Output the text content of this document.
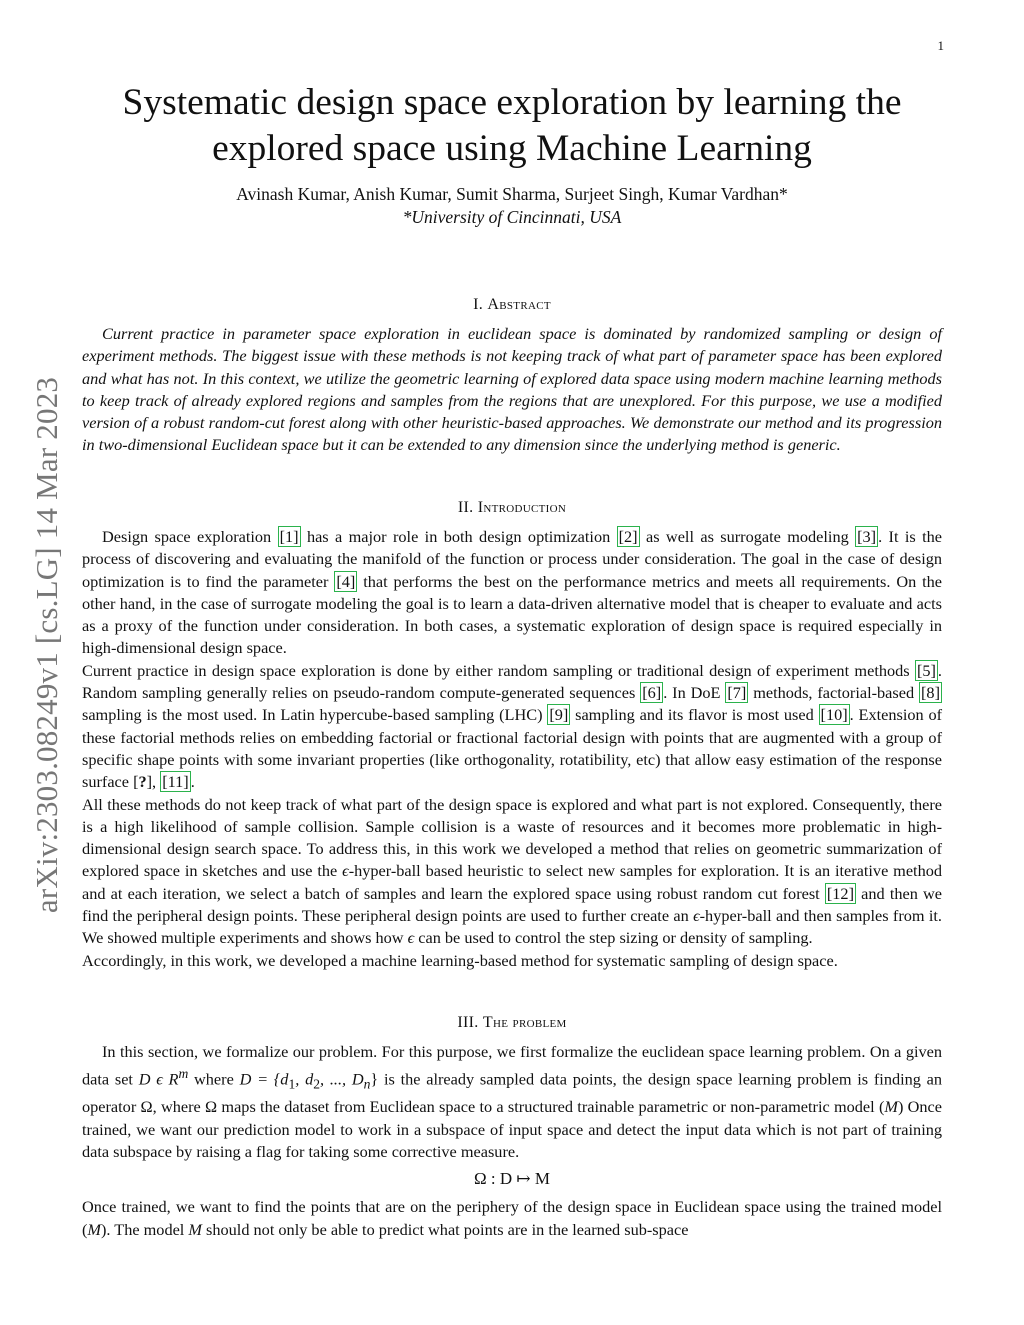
1
arXiv:2303.08249v1 [cs.LG] 14 Mar 2023
Systematic design space exploration by learning the
explored space using Machine Learning
Avinash Kumar, Anish Kumar, Sumit Sharma, Surjeet Singh, Kumar Vardhan*
*University of Cincinnati, USA
I. Abstract

Current practice in parameter space exploration in euclidean space is dominated by randomized sampling or design of experiment methods. The biggest issue with these methods is not keeping track of what part of parameter space has been explored and what has not. In this context, we utilize the geometric learning of explored data space using modern machine learning methods to keep track of already explored regions and samples from the regions that are unexplored. For this purpose, we use a modified version of a robust random-cut forest along with other heuristic-based approaches. We demonstrate our method and its progression in two-dimensional Euclidean space but it can be extended to any dimension since the underlying method is generic.

II. Introduction

Design space exploration [1] has a major role in both design optimization [2] as well as surrogate modeling [3] . It is the process of discovering and evaluating the manifold of the function or process under consideration. The goal in the case of design optimization is to find the parameter [4] that performs the best on the performance metrics and meets all requirements. On the other hand, in the case of surrogate modeling the goal is to learn a data-driven alternative model that is cheaper to evaluate and acts as a proxy of the function under consideration. In both cases, a systematic exploration of design space is required especially in high-dimensional design space.

Current practice in design space exploration is done by either random sampling or traditional design of experiment methods [5] . Random sampling generally relies on pseudo-random compute-generated sequences [6] . In DoE [7] methods, factorial-based [8] sampling is the most used. In Latin hypercube-based sampling (LHC) [9] sampling and its flavor is most used [10] . Extension of these factorial methods relies on embedding factorial or fractional factorial design with points that are augmented with a group of specific shape points with some invariant properties (like orthogonality, rotatibility, etc) that allow easy estimation of the response surface [?], [11] .

All these methods do not keep track of what part of the design space is explored and what part is not explored. Consequently, there is a high likelihood of sample collision. Sample collision is a waste of resources and it becomes more problematic in high-dimensional design search space. To address this, in this work we developed a method that relies on geometric summarization of explored space in sketches and use the ϵ-hyper-ball based heuristic to select new samples for exploration. It is an iterative method and at each iteration, we select a batch of samples and learn the explored space using robust random cut forest [12] and then we find the peripheral design points. These peripheral design points are used to further create an ϵ-hyper-ball and then samples from it. We showed multiple experiments and shows how ϵ can be used to control the step sizing or density of sampling.

Accordingly, in this work, we developed a machine learning-based method for systematic sampling of design space.

III. The problem

In this section, we formalize our problem. For this purpose, we first formalize the euclidean space learning problem. On a given data set D ϵ $R^m$ where $D = \{d_1$, $d_2$, ..., $D_n$} is the already sampled data points, the design space learning problem is finding an operator Ω, where Ω maps the dataset from Euclidean space to a structured trainable parametric or non-parametric model (M) Once trained, we want our prediction model to work in a subspace of input space and detect the input data which is not part of training data subspace by raising a flag for taking some corrective measure.

Ω : D ↦ M

Once trained, we want to find the points that are on the periphery of the design space in Euclidean space using the trained model (M). The model M should not only be able to predict what points are in the learned sub-space
